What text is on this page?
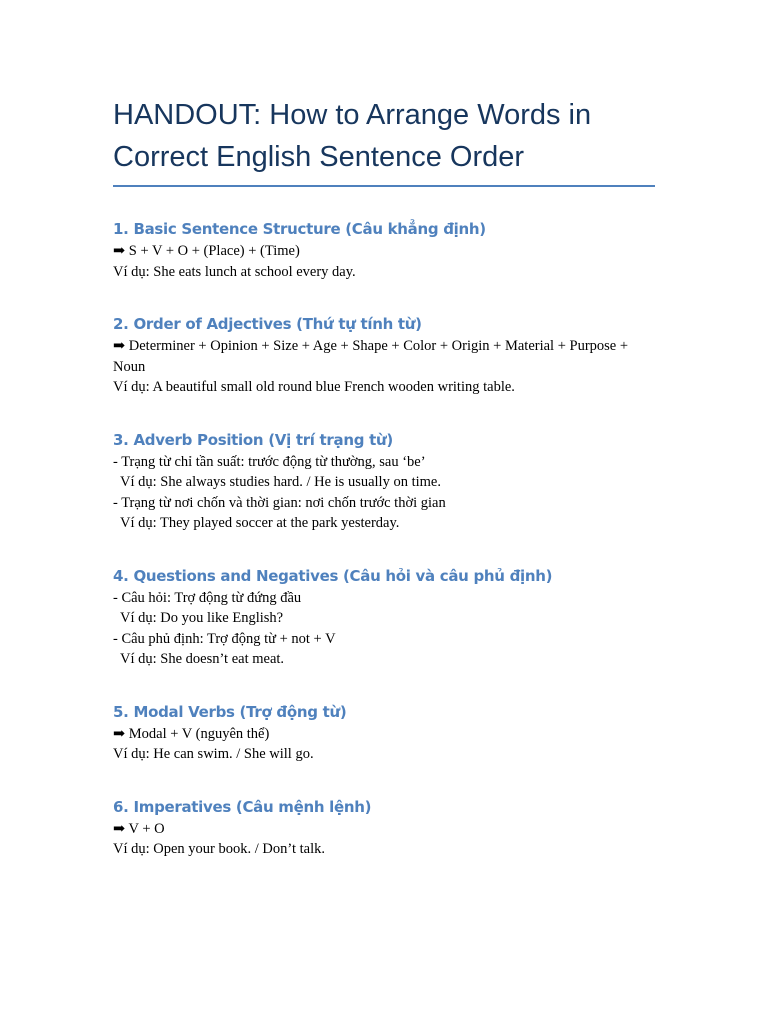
HANDOUT: How to Arrange Words in
Correct English Sentence Order
1. Basic Sentence Structure (Câu khẳng định)

➡ S + V + O + (Place) + (Time)

Ví dụ: She eats lunch at school every day.

2. Order of Adjectives (Thứ tự tính từ)

➡ Determiner + Opinion + Size + Age + Shape + Color + Origin + Material + Purpose +

Noun

Ví dụ: A beautiful small old round blue French wooden writing table.

3. Adverb Position (Vị trí trạng từ)

- Trạng từ chỉ tần suất: trước động từ thường, sau ‘be’

Ví dụ: She always studies hard. / He is usually on time.

- Trạng từ nơi chốn và thời gian: nơi chốn trước thời gian

Ví dụ: They played soccer at the park yesterday.

4. Questions and Negatives (Câu hỏi và câu phủ định)

- Câu hỏi: Trợ động từ đứng đầu

Ví dụ: Do you like English?

- Câu phủ định: Trợ động từ + not + V

Ví dụ: She doesn’t eat meat.

5. Modal Verbs (Trợ động từ)

➡ Modal + V (nguyên thể)

Ví dụ: He can swim. / She will go.

6. Imperatives (Câu mệnh lệnh)

➡ V + O

Ví dụ: Open your book. / Don’t talk.
